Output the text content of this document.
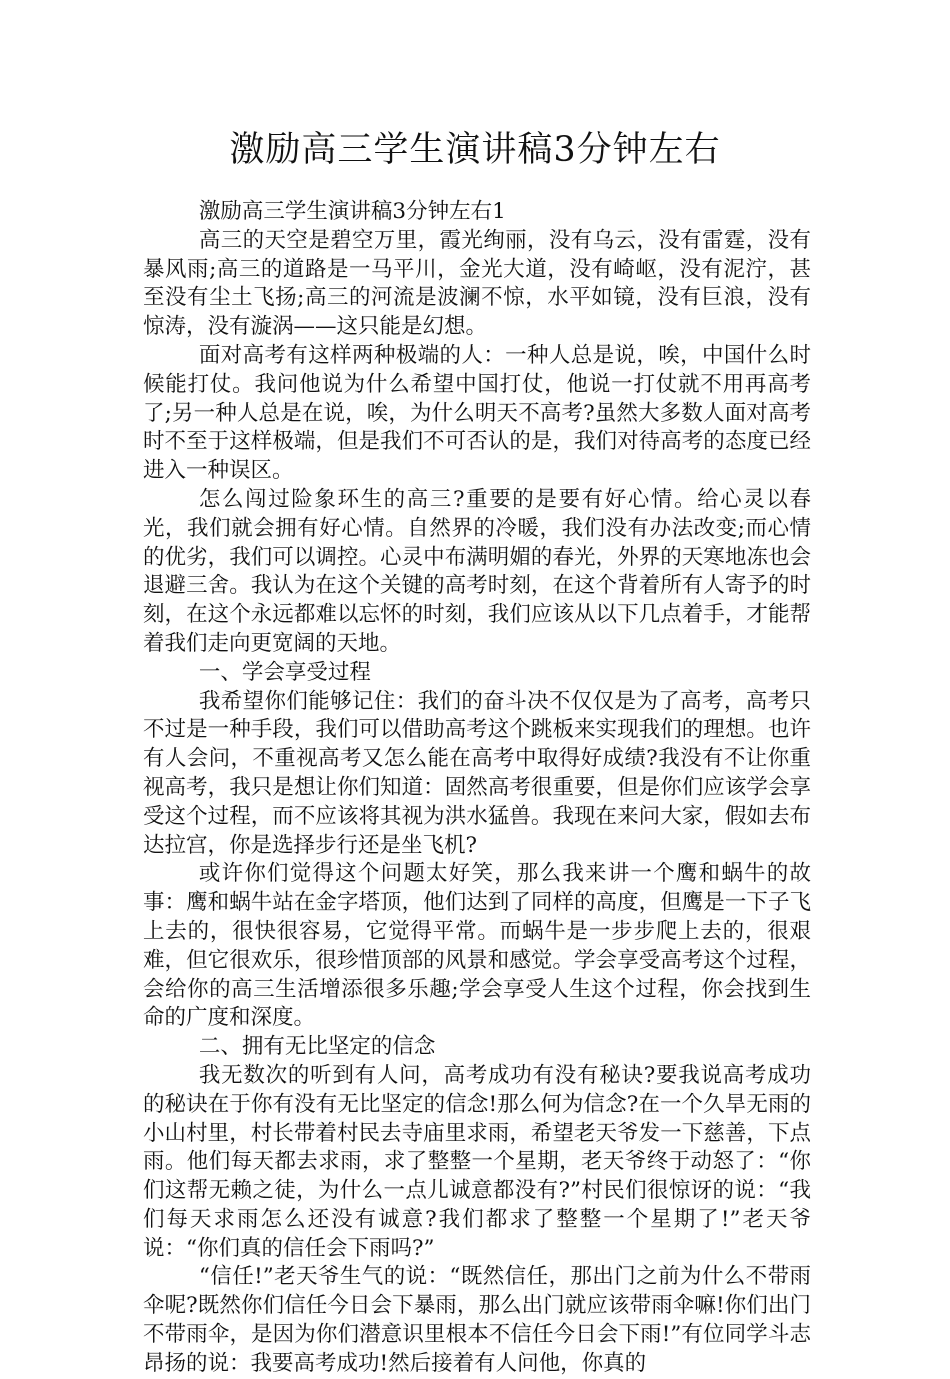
激励高三学生演讲稿3分钟左右

激励高三学生演讲稿3分钟左右1

高三的天空是碧空万里，霞光绚丽，没有乌云，没有雷霆，没有暴风雨;高三的道路是一马平川，金光大道，没有崎岖，没有泥泞，甚至没有尘土飞扬;高三的河流是波澜不惊，水平如镜，没有巨浪，没有惊涛，没有漩涡——这只能是幻想。

面对高考有这样两种极端的人：一种人总是说，唉，中国什么时候能打仗。我问他说为什么希望中国打仗，他说一打仗就不用再高考了;另一种人总是在说，唉，为什么明天不高考?虽然大多数人面对高考时不至于这样极端，但是我们不可否认的是，我们对待高考的态度已经进入一种误区。

怎么闯过险象环生的高三?重要的是要有好心情。给心灵以春光，我们就会拥有好心情。自然界的冷暖，我们没有办法改变;而心情的优劣，我们可以调控。心灵中布满明媚的春光，外界的天寒地冻也会退避三舍。我认为在这个关键的高考时刻，在这个背着所有人寄予的时刻，在这个永远都难以忘怀的时刻，我们应该从以下几点着手，才能帮着我们走向更宽阔的天地。

一、学会享受过程

我希望你们能够记住：我们的奋斗决不仅仅是为了高考，高考只不过是一种手段，我们可以借助高考这个跳板来实现我们的理想。也许有人会问，不重视高考又怎么能在高考中取得好成绩?我没有不让你重视高考，我只是想让你们知道：固然高考很重要，但是你们应该学会享受这个过程，而不应该将其视为洪水猛兽。我现在来问大家，假如去布达拉宫，你是选择步行还是坐飞机?

或许你们觉得这个问题太好笑，那么我来讲一个鹰和蜗牛的故事：鹰和蜗牛站在金字塔顶，他们达到了同样的高度，但鹰是一下子飞上去的，很快很容易，它觉得平常。而蜗牛是一步步爬上去的，很艰难，但它很欢乐，很珍惜顶部的风景和感觉。学会享受高考这个过程，会给你的高三生活增添很多乐趣;学会享受人生这个过程，你会找到生命的广度和深度。

二、拥有无比坚定的信念

我无数次的听到有人问，高考成功有没有秘诀?要我说高考成功的秘诀在于你有没有无比坚定的信念!那么何为信念?在一个久旱无雨的小山村里，村长带着村民去寺庙里求雨，希望老天爷发一下慈善，下点雨。他们每天都去求雨，求了整整一个星期，老天爷终于动怒了：“你们这帮无赖之徒，为什么一点儿诚意都没有?”村民们很惊讶的说：“我们每天求雨怎么还没有诚意?我们都求了整整一个星期了!”老天爷说：“你们真的信任会下雨吗?”

“信任!”老天爷生气的说：“既然信任，那出门之前为什么不带雨伞呢?既然你们信任今日会下暴雨，那么出门就应该带雨伞嘛!你们出门不带雨伞，是因为你们潜意识里根本不信任今日会下雨!”有位同学斗志昂扬的说：我要高考成功!然后接着有人问他，你真的
